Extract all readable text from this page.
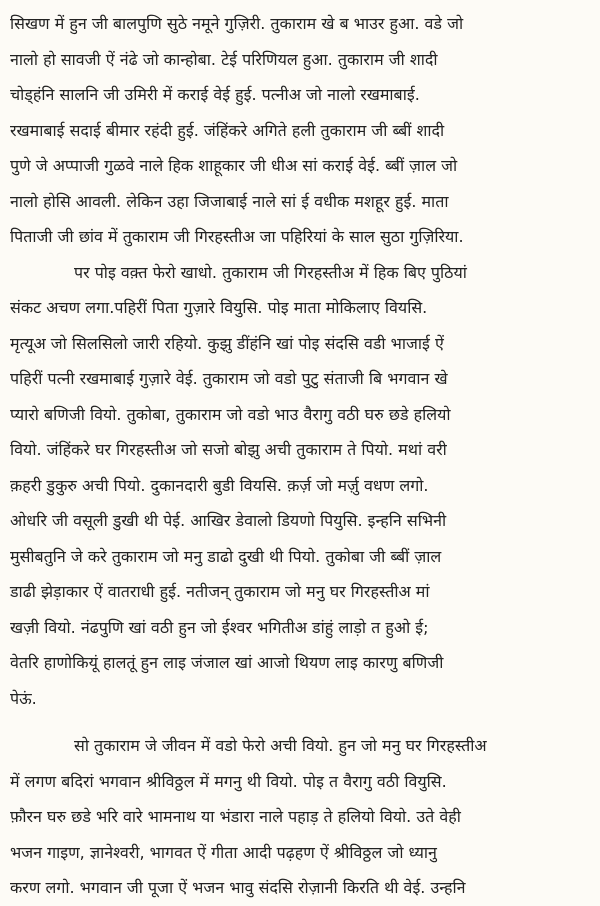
सिखण में हुन जी बालपुणि सुठे नमूने गुज़िरी. तुकाराम खे ब भाउर हुआ. वडे जो
नालो हो सावजी ऐं नंढे जो कान्होबा. टेई परिणियल हुआ. तुकाराम जी शादी
चोड्हंनि सालनि जी उमिरी में कराई वेई हुई. पत्नीअ जो नालो रखमाबाई.
रखमाबाई सदाई बीमार रहंदी हुई. जंहिंकरे अगिते हली तुकाराम जी ब्बीं शादी
पुणे जे अप्पाजी गुळवे नाले हिक शाहूकार जी धीअ सां कराई वेई. ब्बीं ज़ाल जो
नालो होसि आवली. लेकिन उहा जिजाबाई नाले सां ई वधीक मशहूर हुई. माता
पिताजी जी छांव में तुकाराम जी गिरहस्तीअ जा पहिरियां के साल सुठा गुज़िरिया.
पर पोइ वक़्त फेरो खाधो. तुकाराम जी गिरहस्तीअ में हिक बिए पुठियां
संकट अचण लगा.पहिरीं पिता गुज़ारे वियुसि. पोइ माता मोकिलाए वियसि.
मृत्यूअ जो सिलसिलो जारी रहियो. कुझु डींहंनि खां पोइ संदसि वडी भाजाई ऐं
पहिरीं पत्नी रखमाबाई गुज़ारे वेई. तुकाराम जो वडो पुटु संताजी बि भगवान खे
प्यारो बणिजी वियो. तुकोबा, तुकाराम जो वडो भाउ वैरागु वठी घरु छडे हलियो
वियो. जंहिंकरे घर गिरहस्तीअ जो सजो बोझु अची तुकाराम ते पियो. मथां वरी
क़हरी डुकुरु अची पियो. दुकानदारी बुडी वियसि. क़र्ज़ जो मर्ज़ु वधण लगो.
ओधरि जी वसूली डुखी थी पेई. आखिर डेवालो डियणो पियुसि. इन्हनि सभिनी
मुसीबतुनि जे करे तुकाराम जो मनु डाढो दुखी थी पियो. तुकोबा जी ब्बीं ज़ाल
डाढी झेड़ाकार ऐं वातराधी हुई. नतीजन् तुकाराम जो मनु घर गिरहस्तीअ मां
खज़ी वियो. नंढपुणि खां वठी हुन जो ईश्वर भगितीअ डांहुं लाड़ो त हुओ ई;
वेतरि हाणोकियूं हालतूं हुन लाइ जंजाल खां आजो थियण लाइ कारणु बणिजी
पेऊं.
सो तुकाराम जे जीवन में वडो फेरो अची वियो. हुन जो मनु घर गिरहस्तीअ
में लगण बदिरां भगवान श्रीविठ्ठल में मगनु थी वियो. पोइ त वैरागु वठी वियुसि.
फ़ौरन घरु छडे भरि वारे भामनाथ या भंडारा नाले पहाड़ ते हलियो वियो. उते वेही
भजन गाइण, ज्ञानेश्वरी, भागवत ऐं गीता आदी पढ़हण ऐं श्रीविठ्ठल जो ध्यानु
करण लगो. भगवान जी पूजा ऐं भजन भावु संदसि रोज़ानी किरति थी वेई. उन्हनि
